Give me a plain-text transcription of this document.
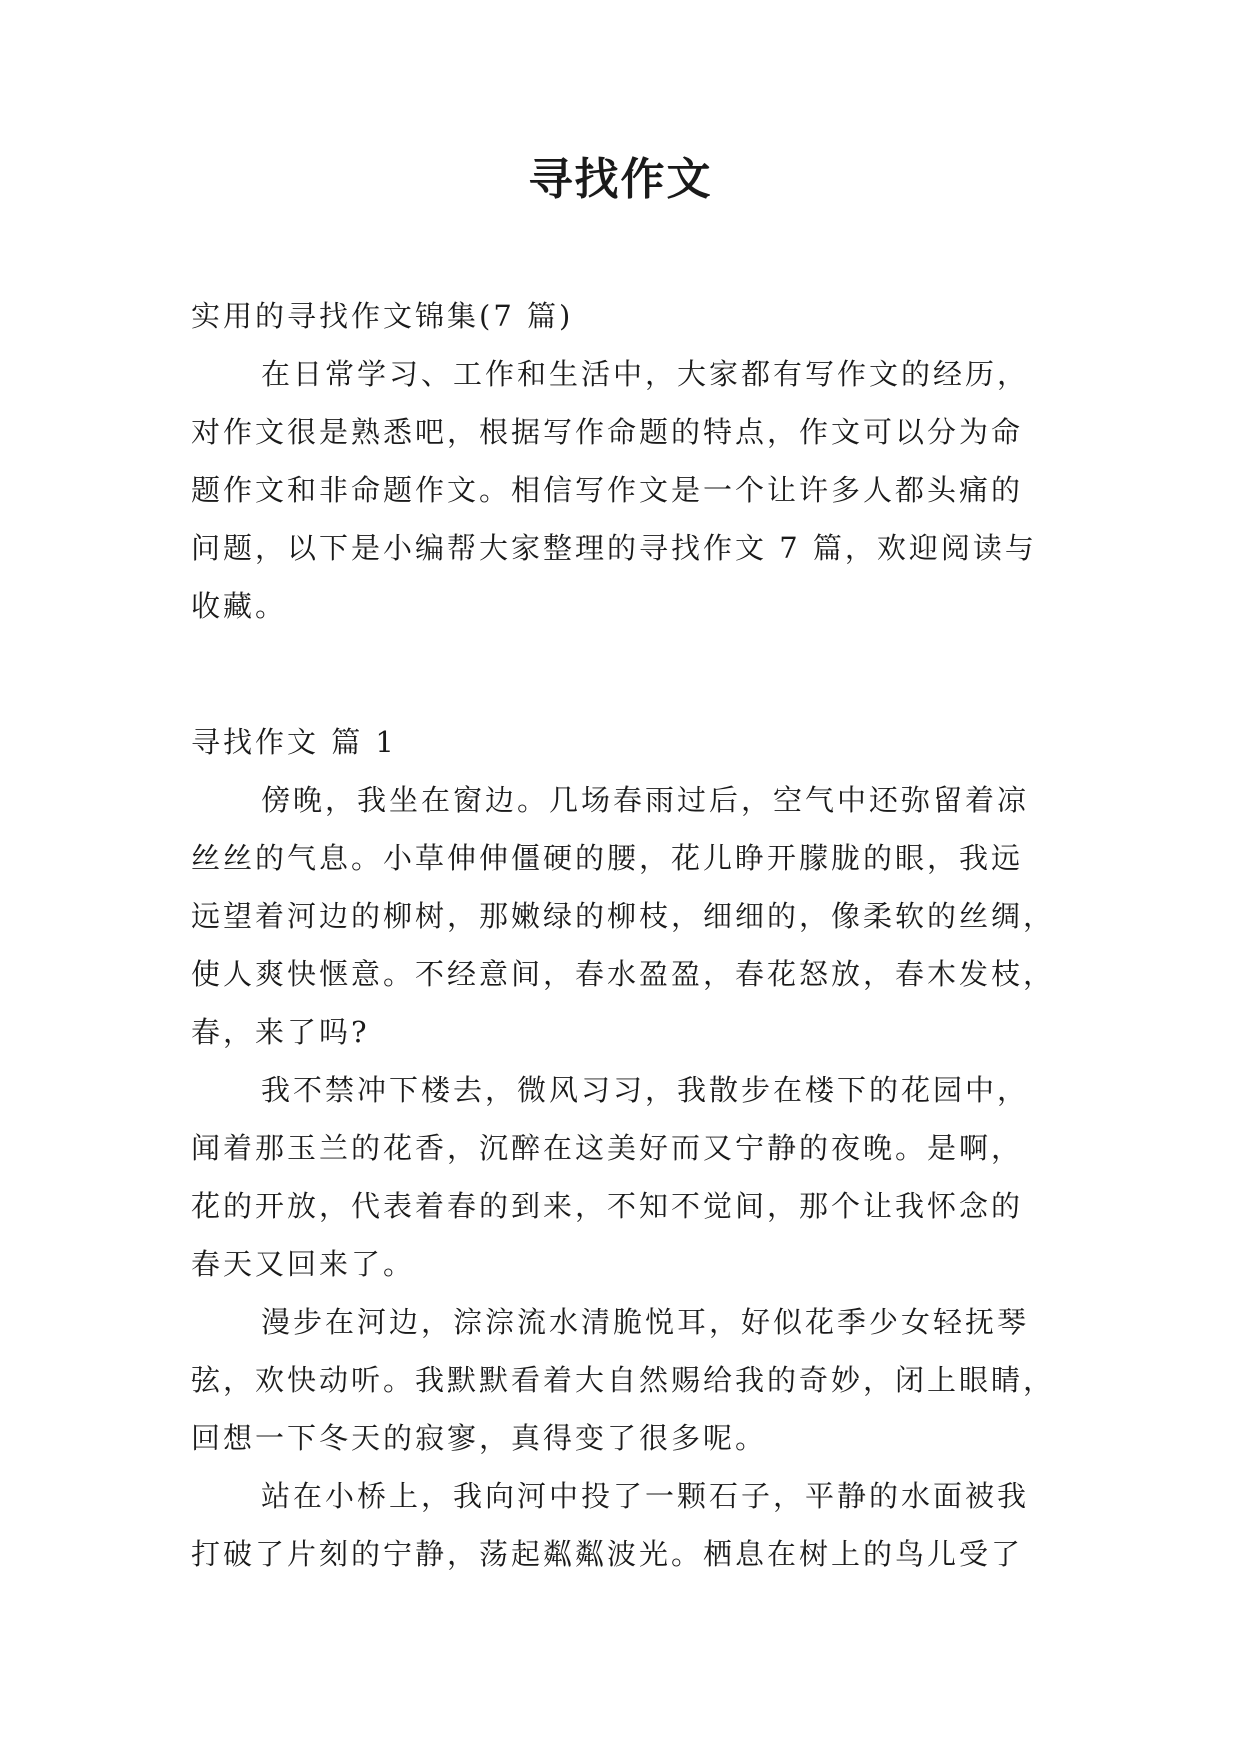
寻找作文
实用的寻找作文锦集(7 篇)
在日常学习、工作和生活中，大家都有写作文的经历，
对作文很是熟悉吧，根据写作命题的特点，作文可以分为命
题作文和非命题作文。相信写作文是一个让许多人都头痛的
问题，以下是小编帮大家整理的寻找作文 7 篇，欢迎阅读与
收藏。
寻找作文 篇 1
傍晚，我坐在窗边。几场春雨过后，空气中还弥留着凉
丝丝的气息。小草伸伸僵硬的腰，花儿睁开朦胧的眼，我远
远望着河边的柳树，那嫩绿的柳枝，细细的，像柔软的丝绸，
使人爽快惬意。不经意间，春水盈盈，春花怒放，春木发枝，
春，来了吗?
我不禁冲下楼去，微风习习，我散步在楼下的花园中，
闻着那玉兰的花香，沉醉在这美好而又宁静的夜晚。是啊，
花的开放，代表着春的到来，不知不觉间，那个让我怀念的
春天又回来了。
漫步在河边，淙淙流水清脆悦耳，好似花季少女轻抚琴
弦，欢快动听。我默默看着大自然赐给我的奇妙，闭上眼睛，
回想一下冬天的寂寥，真得变了很多呢。
站在小桥上，我向河中投了一颗石子，平静的水面被我
打破了片刻的宁静，荡起粼粼波光。栖息在树上的鸟儿受了
